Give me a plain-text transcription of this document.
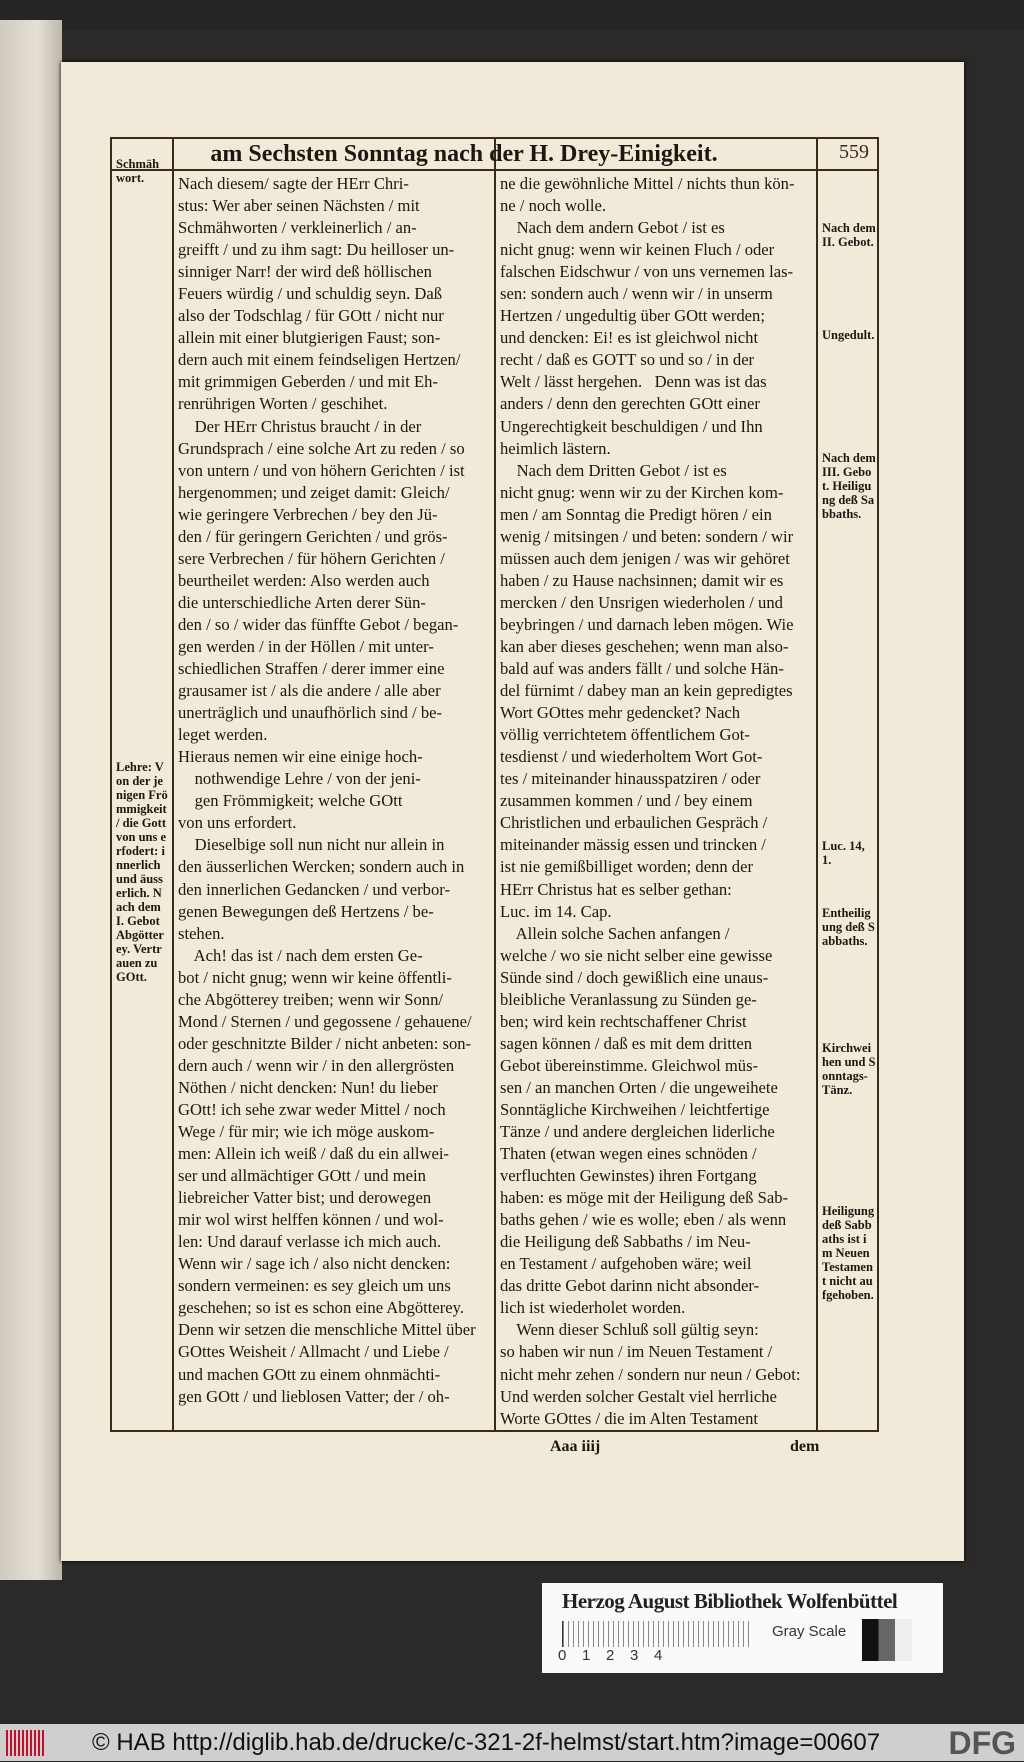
am Sechsten Sonntag nach der H. Drey-Einigkeit.	559
Nach diesem/ sagte der HErr Chri-
stus: Wer aber seinen Nächsten / mit
Schmähworten / verkleinerlich / an-
greifft / und zu ihm sagt: Du heilloser un-
sinniger Narr! der wird deß höllischen
Feuers würdig / und schuldig seyn. Daß
also der Todschlag / für GOtt / nicht nur
allein mit einer blutgierigen Faust; son-
dern auch mit einem feindseligen Hertzen/
mit grimmigen Geberden / und mit Eh-
renrührigen Worten / geschihet.
Der HErr Christus braucht / in der
Grundsprach / eine solche Art zu reden / so
von untern / und von höhern Gerichten / ist
hergenommen; und zeiget damit: Gleich/
wie geringere Verbrechen / bey den Jü-
den / für geringern Gerichten / und grös-
sere Verbrechen / für höhern Gerichten /
beurtheilet werden: Also werden auch
die unterschiedliche Arten derer Sün-
den / so / wider das fünffte Gebot / began-
gen werden / in der Höllen / mit unter-
schiedlichen Straffen / derer immer eine
grausamer ist / als die andere / alle aber
unerträglich und unaufhörlich sind / be-
leget werden.
Hieraus nemen wir eine einige hoch-
nothwendige Lehre / von der jeni-
gen Frömmigkeit; welche GOtt
von uns erfordert.
Dieselbige soll nun nicht nur allein in
den äusserlichen Wercken; sondern auch in
den innerlichen Gedancken / und verbor-
genen Bewegungen deß Hertzens / be-
stehen.
Ach! das ist / nach dem ersten Ge-
bot / nicht gnug; wenn wir keine öffentli-
che Abgötterey treiben; wenn wir Sonn/
Mond / Sternen / und gegossene / gehauene/
oder geschnitzte Bilder / nicht anbeten: son-
dern auch / wenn wir / in den allergrösten
Nöthen / nicht dencken: Nun! du lieber
GOtt! ich sehe zwar weder Mittel / noch
Wege / für mir; wie ich möge auskom-
men: Allein ich weiß / daß du ein allwei-
ser und allmächtiger GOtt / und mein
liebreicher Vatter bist; und derowegen
mir wol wirst helffen können / und wol-
len: Und darauf verlasse ich mich auch.
Wenn wir / sage ich / also nicht dencken:
sondern vermeinen: es sey gleich um uns
geschehen; so ist es schon eine Abgötterey.
Denn wir setzen die menschliche Mittel über
GOttes Weisheit / Allmacht / und Liebe /
und machen GOtt zu einem ohnmächti-
gen GOtt / und lieblosen Vatter; der / oh-
ne die gewöhnliche Mittel / nichts thun kön-
ne / noch wolle.
Nach dem andern Gebot / ist es
nicht gnug: wenn wir keinen Fluch / oder
falschen Eidschwur / von uns vernemen las-
sen: sondern auch / wenn wir / in unserm
Hertzen / ungedultig über GOtt werden;
und dencken: Ei! es ist gleichwol nicht
recht / daß es GOTT so und so / in der
Welt / lässt hergehen.   Denn was ist das
anders / denn den gerechten GOtt einer
Ungerechtigkeit beschuldigen / und Ihn
heimlich lästern.
Nach dem Dritten Gebot / ist es
nicht gnug: wenn wir zu der Kirchen kom-
men / am Sonntag die Predigt hören / ein
wenig / mitsingen / und beten: sondern / wir
müssen auch dem jenigen / was wir gehöret
haben / zu Hause nachsinnen; damit wir es
mercken / den Unsrigen wiederholen / und
beybringen / und darnach leben mögen. Wie
kan aber dieses geschehen; wenn man also-
bald auf was anders fällt / und solche Hän-
del fürnimt / dabey man an kein gepredigtes
Wort GOttes mehr gedencket? Nach
völlig verrichtetem öffentlichem Got-
tesdienst / und wiederholtem Wort Got-
tes / miteinander hinausspatziren / oder
zusammen kommen / und / bey einem
Christlichen und erbaulichen Gespräch /
miteinander mässig essen und trincken /
ist nie gemißbilliget worden; denn der
HErr Christus hat es selber gethan:
Luc. im 14. Cap.
Allein solche Sachen anfangen /
welche / wo sie nicht selber eine gewisse
Sünde sind / doch gewißlich eine unaus-
bleibliche Veranlassung zu Sünden ge-
ben; wird kein rechtschaffener Christ
sagen können / daß es mit dem dritten
Gebot übereinstimme. Gleichwol müs-
sen / an manchen Orten / die ungeweihete
Sonntägliche Kirchweihen / leichtfertige
Tänze / und andere dergleichen liderliche
Thaten (etwan wegen eines schnöden /
verfluchten Gewinstes) ihren Fortgang
haben: es möge mit der Heiligung deß Sab-
baths gehen / wie es wolle; eben / als wenn
die Heiligung deß Sabbaths / im Neu-
en Testament / aufgehoben wäre; weil
das dritte Gebot darinn nicht absonder-
lich ist wiederholet worden.
Wenn dieser Schluß soll gültig seyn:
so haben wir nun / im Neuen Testament /
nicht mehr zehen / sondern nur neun / Gebot:
Und werden solcher Gestalt viel herrliche
Worte GOttes / die im Alten Testament
Schmäh wort.
Lehre: Von der jenigen Frömmigkeit / die Gott von uns erfodert: innerlich und äusserlich. Nach dem I. Gebot Abgötterey. Vertrauen zu GOtt.
Nach dem II. Gebot.
Ungedult.
Nach dem III. Gebot. Heiligung deß Sabbaths.
Luc. 14, 1.
Entheiligung deß Sabbaths.
Kirchweihen und Sonntags-Tänz.
Heiligung deß Sabbaths ist im Neuen Testament nicht aufgehoben.
Aaa iiij	dem
Herzog August Bibliothek Wolfenbüttel
0 1 2 3 4
Gray Scale
© HAB http://diglib.hab.de/drucke/c-321-2f-helmst/start.htm?image=00607 DFG
